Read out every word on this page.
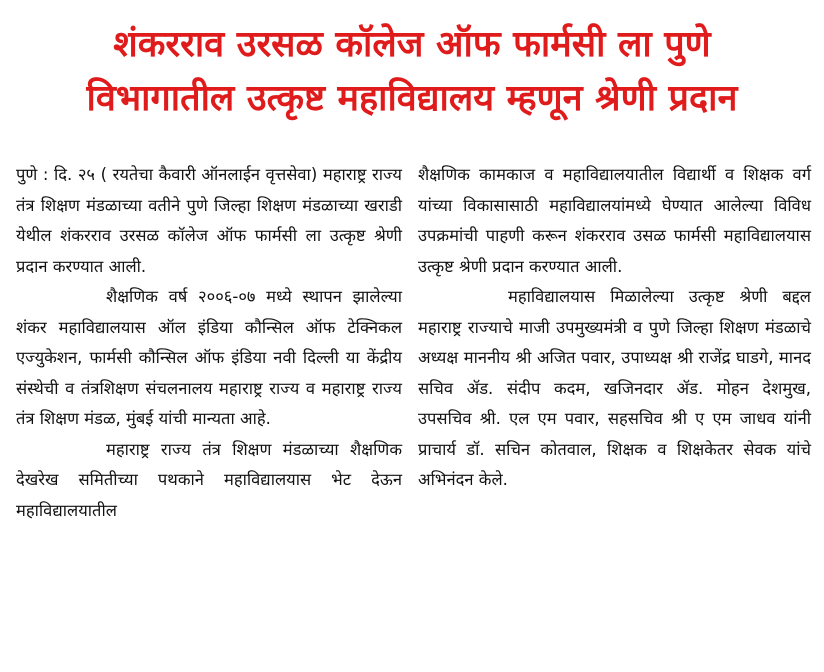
शंकरराव उरसळ कॉलेज ऑफ फार्मसी ला पुणे
विभागातील उत्कृष्ट महाविद्यालय म्हणून श्रेणी प्रदान

पुणे : दि. २५ ( रयतेचा कैवारी ऑनलाईन वृत्तसेवा) महाराष्ट्र राज्य तंत्र शिक्षण मंडळाच्या वतीने पुणे जिल्हा शिक्षण मंडळाच्या खराडी येथील शंकरराव उरसळ कॉलेज ऑफ फार्मसी ला उत्कृष्ट श्रेणी प्रदान करण्यात आली.

शैक्षणिक वर्ष २००६-०७ मध्ये स्थापन झालेल्या शंकर महाविद्यालयास ऑल इंडिया कौन्सिल ऑफ टेक्निकल एज्युकेशन, फार्मसी कौन्सिल ऑफ इंडिया नवी दिल्ली या केंद्रीय संस्थेची व तंत्रशिक्षण संचलनालय महाराष्ट्र राज्य व महाराष्ट्र राज्य तंत्र शिक्षण मंडळ, मुंबई यांची मान्यता आहे.

महाराष्ट्र राज्य तंत्र शिक्षण मंडळाच्या शैक्षणिक देखरेख समितीच्या पथकाने महाविद्यालयास भेट देऊन महाविद्यालयातील

शैक्षणिक कामकाज व महाविद्यालयातील विद्यार्थी व शिक्षक वर्ग यांच्या विकासासाठी महाविद्यालयांमध्ये घेण्यात आलेल्या विविध उपक्रमांची पाहणी करून शंकरराव उसळ फार्मसी महाविद्यालयास उत्कृष्ट श्रेणी प्रदान करण्यात आली.

महाविद्यालयास मिळालेल्या उत्कृष्ट श्रेणी बद्दल महाराष्ट्र राज्याचे माजी उपमुख्यमंत्री व पुणे जिल्हा शिक्षण मंडळाचे अध्यक्ष माननीय श्री अजित पवार, उपाध्यक्ष श्री राजेंद्र घाडगे, मानद सचिव ॲड. संदीप कदम, खजिनदार ॲड. मोहन देशमुख, उपसचिव श्री. एल एम पवार, सहसचिव श्री ए एम जाधव यांनी प्राचार्य डॉ. सचिन कोतवाल, शिक्षक व शिक्षकेतर सेवक यांचे अभिनंदन केले.
